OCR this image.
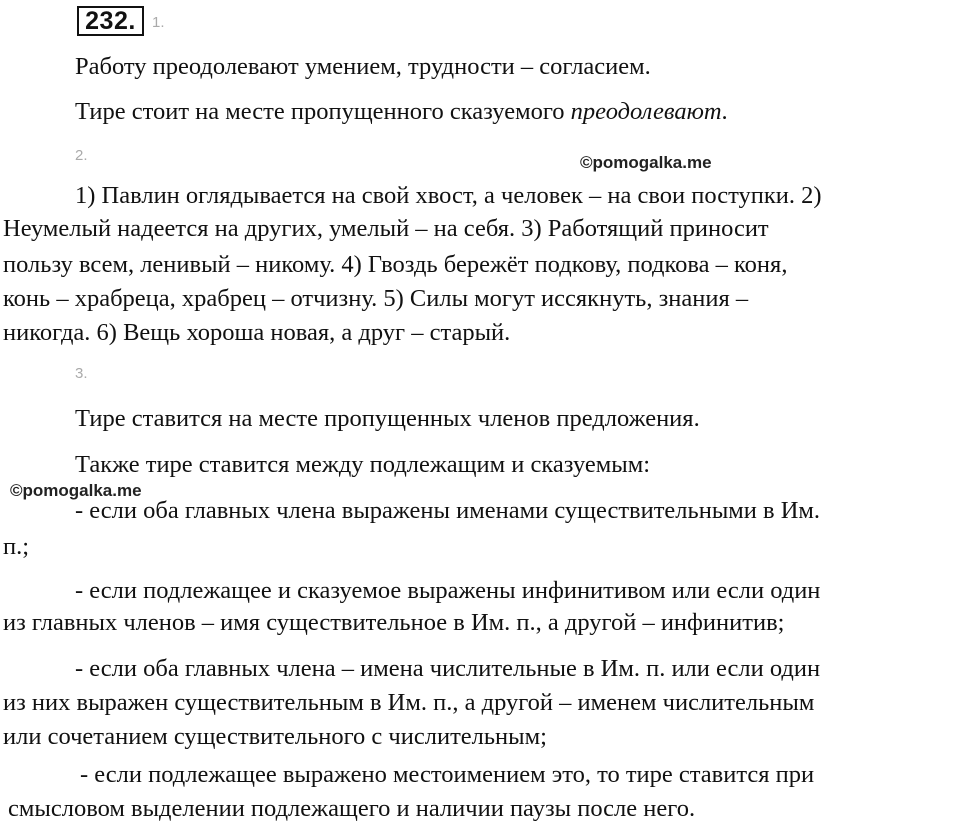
232.	1.
Работу преодолевают умением, трудности – согласием.
Тире стоит на месте пропущенного сказуемого преодолевают.
2.	©pomogalka.me
1) Павлин оглядывается на свой хвост, а человек – на свои поступки. 2)
Неумелый надеется на других, умелый – на себя. 3) Работящий приносит
пользу всем, ленивый – никому. 4) Гвоздь бережёт подкову, подкова – коня,
конь – храбреца, храбрец – отчизну. 5) Силы могут иссякнуть, знания –
никогда. 6) Вещь хороша новая, а друг – старый.
3.
Тире ставится на месте пропущенных членов предложения.
Также тире ставится между подлежащим и сказуемым:
©pomogalka.me
- если оба главных члена выражены именами существительными в Им.
п.;
- если подлежащее и сказуемое выражены инфинитивом или если один
из главных членов – имя существительное в Им. п., а другой – инфинитив;
- если оба главных члена – имена числительные в Им. п. или если один
из них выражен существительным в Им. п., а другой – именем числительным
или сочетанием существительного с числительным;
- если подлежащее выражено местоимением это, то тире ставится при
смысловом выделении подлежащего и наличии паузы после него.
